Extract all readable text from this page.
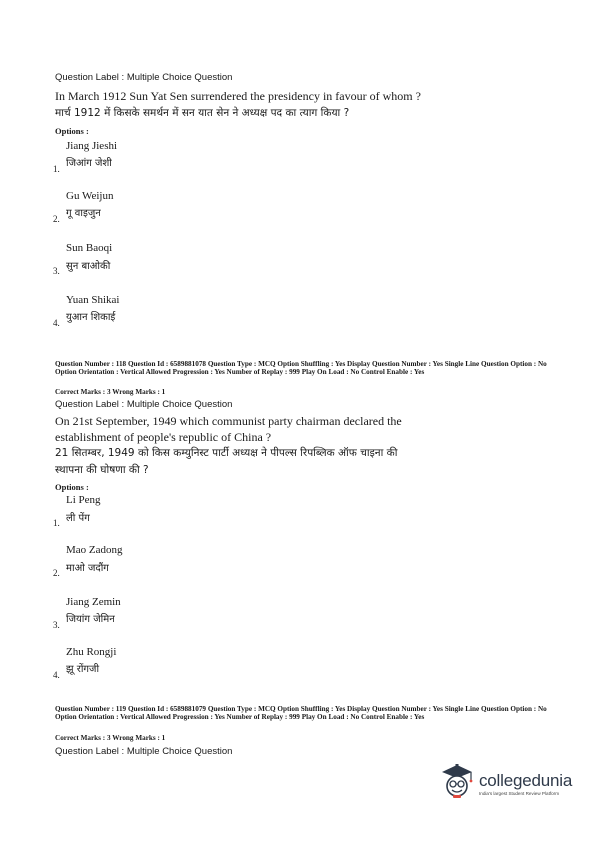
Question Label : Multiple Choice Question
In March 1912 Sun Yat Sen surrendered the presidency in favour of whom ?
मार्च 1912 में किसके समर्थन में सन यात सेन ने अध्यक्ष पद का त्याग किया ?
Options :
Jiang Jieshi
1. जिआंग जेशी
Gu Weijun
2. गू वाइजुन
Sun Baoqi
3. सुन बाओकी
Yuan Shikai
4. युआन शिकाई
Question Number : 118 Question Id : 6589881078 Question Type : MCQ Option Shuffling : Yes Display Question Number : Yes Single Line Question Option : No Option Orientation : Vertical Allowed Progression : Yes Number of Replay : 999 Play On Load : No Control Enable : Yes
Correct Marks : 3 Wrong Marks : 1
Question Label : Multiple Choice Question
On 21st September, 1949 which communist party chairman declared the
establishment of people's republic of China ?
21 सितम्बर, 1949 को किस कम्युनिस्ट पार्टी अध्यक्ष ने पीपल्स रिपब्लिक ऑफ चाइना की
स्थापना की घोषणा की ?
Options :
Li Peng
1. ली पेंग
Mao Zadong
2. माओ जदौंग
Jiang Zemin
3. जियांग जेमिन
Zhu Rongji
4. झू रोंगजी
Question Number : 119 Question Id : 6589881079 Question Type : MCQ Option Shuffling : Yes Display Question Number : Yes Single Line Question Option : No Option Orientation : Vertical Allowed Progression : Yes Number of Replay : 999 Play On Load : No Control Enable : Yes
Correct Marks : 3 Wrong Marks : 1
Question Label : Multiple Choice Question
collegedunia
India's largest Student Review Platform
